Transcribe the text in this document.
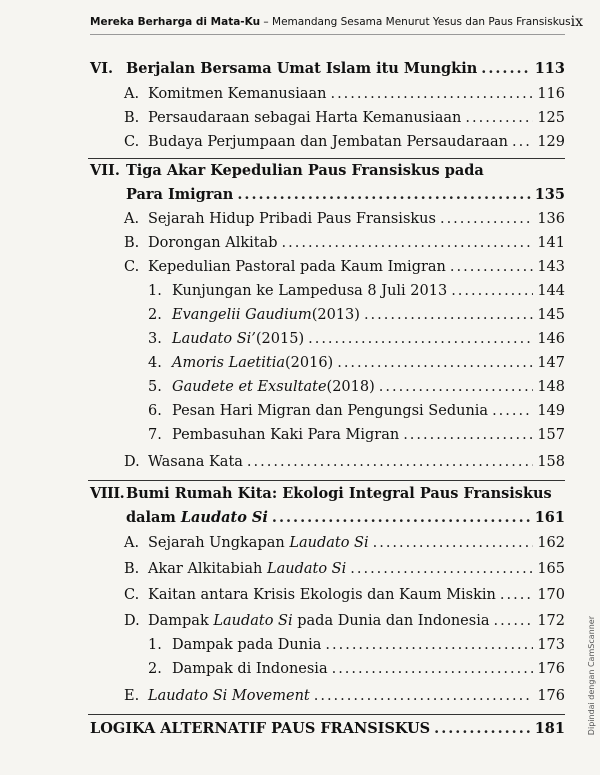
Mereka Berharga di Mata-Ku – Memandang Sesama Menurut Yesus dan Paus Fransiskus ix
VI. Berjalan Bersama Umat Islam itu Mungkin .....	113
A. Komitmen Kemanusiaan .....	116
B. Persaudaraan sebagai Harta Kemanusiaan .....	125
C. Budaya Perjumpaan dan Jembatan Persaudaraan ..... 129
VII. Tiga Akar Kepedulian Paus Fransiskus pada
Para Imigran .....	135
A. Sejarah Hidup Pribadi Paus Fransiskus .....	136
B. Dorongan Alkitab .....	141
C. Kepedulian Pastoral pada Kaum Imigran .....	143
1. Kunjungan ke Lampedusa 8 Juli 2013 .....	144
2. Evangelii Gaudium (2013) .....	145
3. Laudato Si’ (2015) .....	146
4. Amoris Laetitia (2016) .....	147
5. Gaudete et Exsultate (2018) .....	148
6. Pesan Hari Migran dan Pengungsi Sedunia .....	149
7. Pembasuhan Kaki Para Migran .....	157
D. Wasana Kata .....	158
VIII. Bumi Rumah Kita: Ekologi Integral Paus Fransiskus
dalam Laudato Si .....	161
A. Sejarah Ungkapan Laudato Si .....	162
B. Akar Alkitabiah Laudato Si .....	165
C. Kaitan antara Krisis Ekologis dan Kaum Miskin .....	170
D. Dampak Laudato Si pada Dunia dan Indonesia .....	172
1. Dampak pada Dunia .....	173
2. Dampak di Indonesia .....	176
E. Laudato Si Movement .....	176
LOGIKA ALTERNATIF PAUS FRANSISKUS .....	181	Dipindai dengan CamScanner
